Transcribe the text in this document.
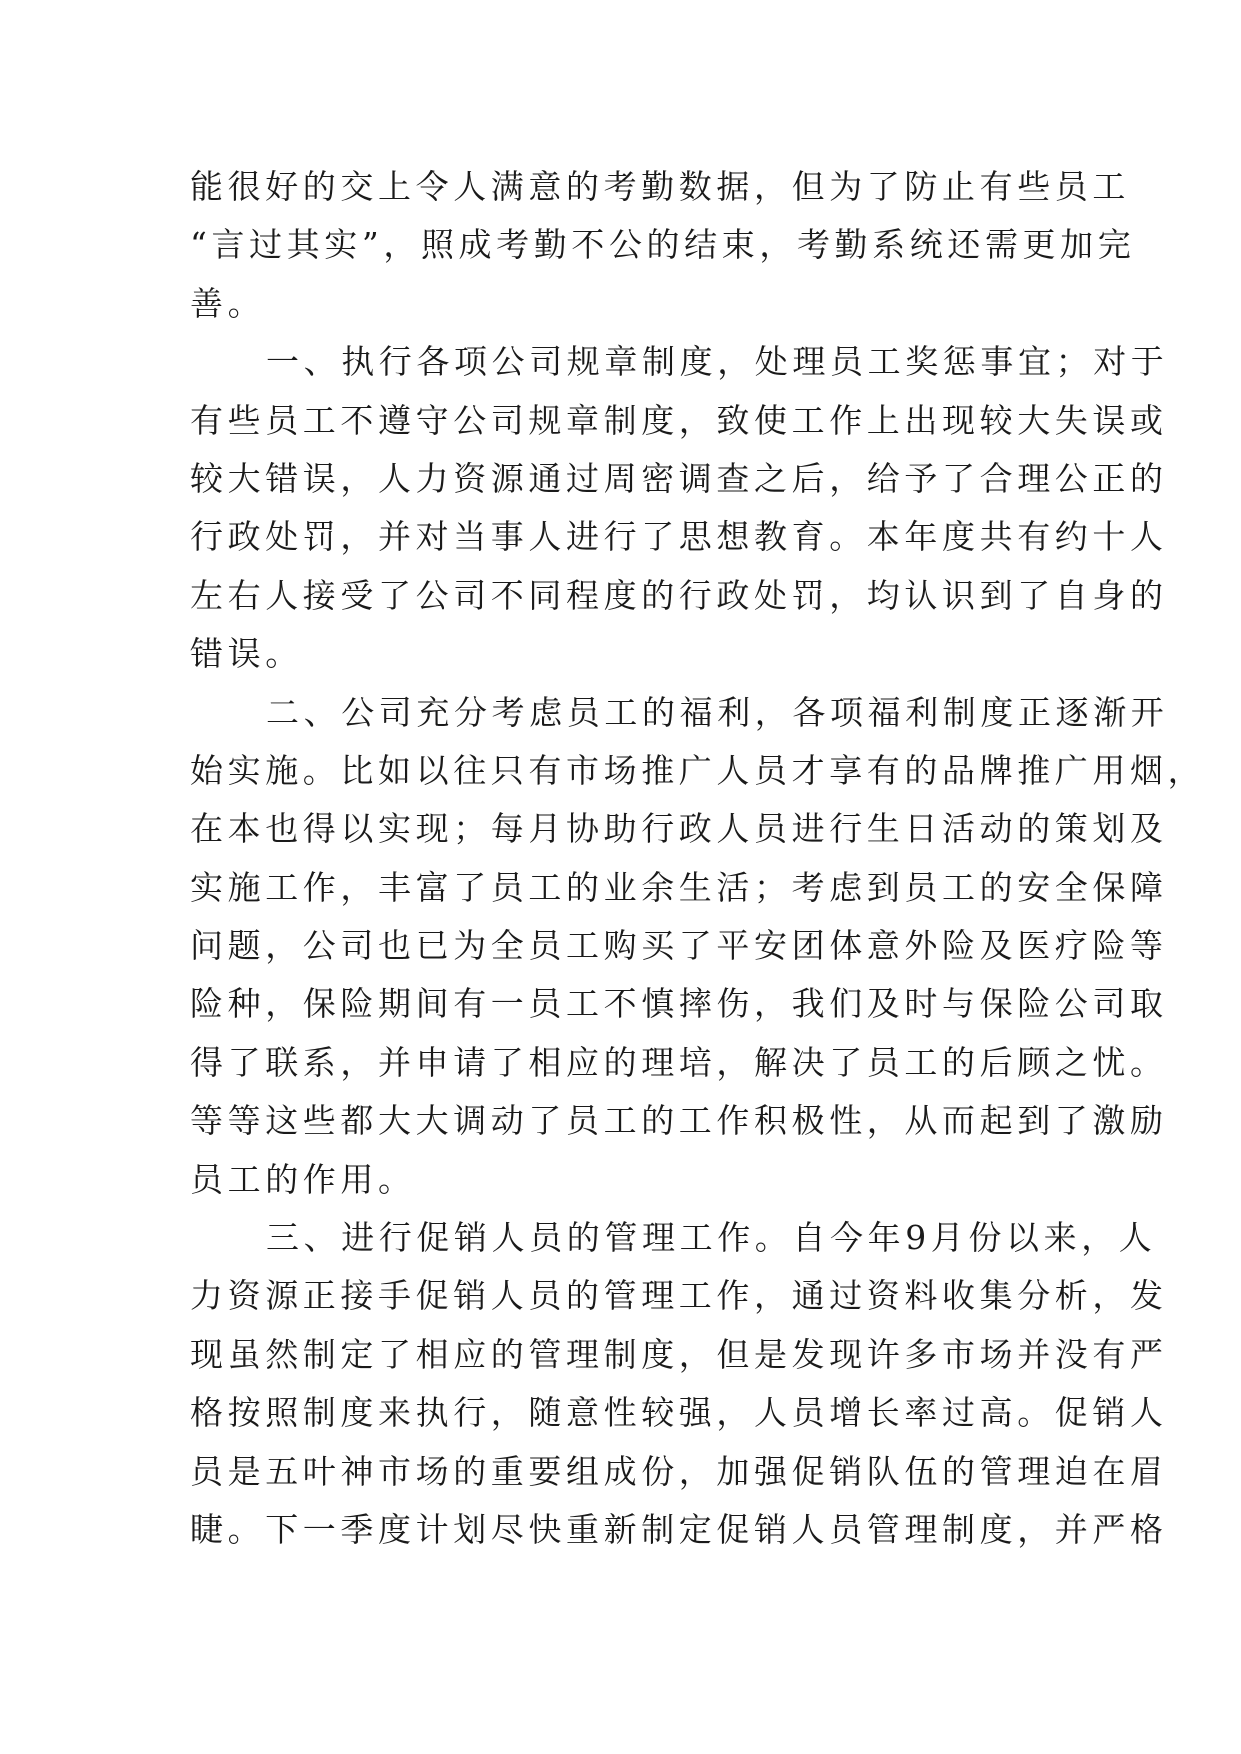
能很好的交上令人满意的考勤数据，但为了防止有些员工
“言过其实”，照成考勤不公的结束，考勤系统还需更加完
善。
一、执行各项公司规章制度，处理员工奖惩事宜；对于
有些员工不遵守公司规章制度，致使工作上出现较大失误或
较大错误，人力资源通过周密调查之后，给予了合理公正的
行政处罚，并对当事人进行了思想教育。本年度共有约十人
左右人接受了公司不同程度的行政处罚，均认识到了自身的
错误。
二、公司充分考虑员工的福利，各项福利制度正逐渐开
始实施。比如以往只有市场推广人员才享有的品牌推广用烟，
在本也得以实现；每月协助行政人员进行生日活动的策划及
实施工作，丰富了员工的业余生活；考虑到员工的安全保障
问题，公司也已为全员工购买了平安团体意外险及医疗险等
险种，保险期间有一员工不慎摔伤，我们及时与保险公司取
得了联系，并申请了相应的理培，解决了员工的后顾之忧。
等等这些都大大调动了员工的工作积极性，从而起到了激励
员工的作用。
三、进行促销人员的管理工作。自今年9月份以来，人
力资源正接手促销人员的管理工作，通过资料收集分析，发
现虽然制定了相应的管理制度，但是发现许多市场并没有严
格按照制度来执行，随意性较强，人员增长率过高。促销人
员是五叶神市场的重要组成份，加强促销队伍的管理迫在眉
睫。下一季度计划尽快重新制定促销人员管理制度，并严格
